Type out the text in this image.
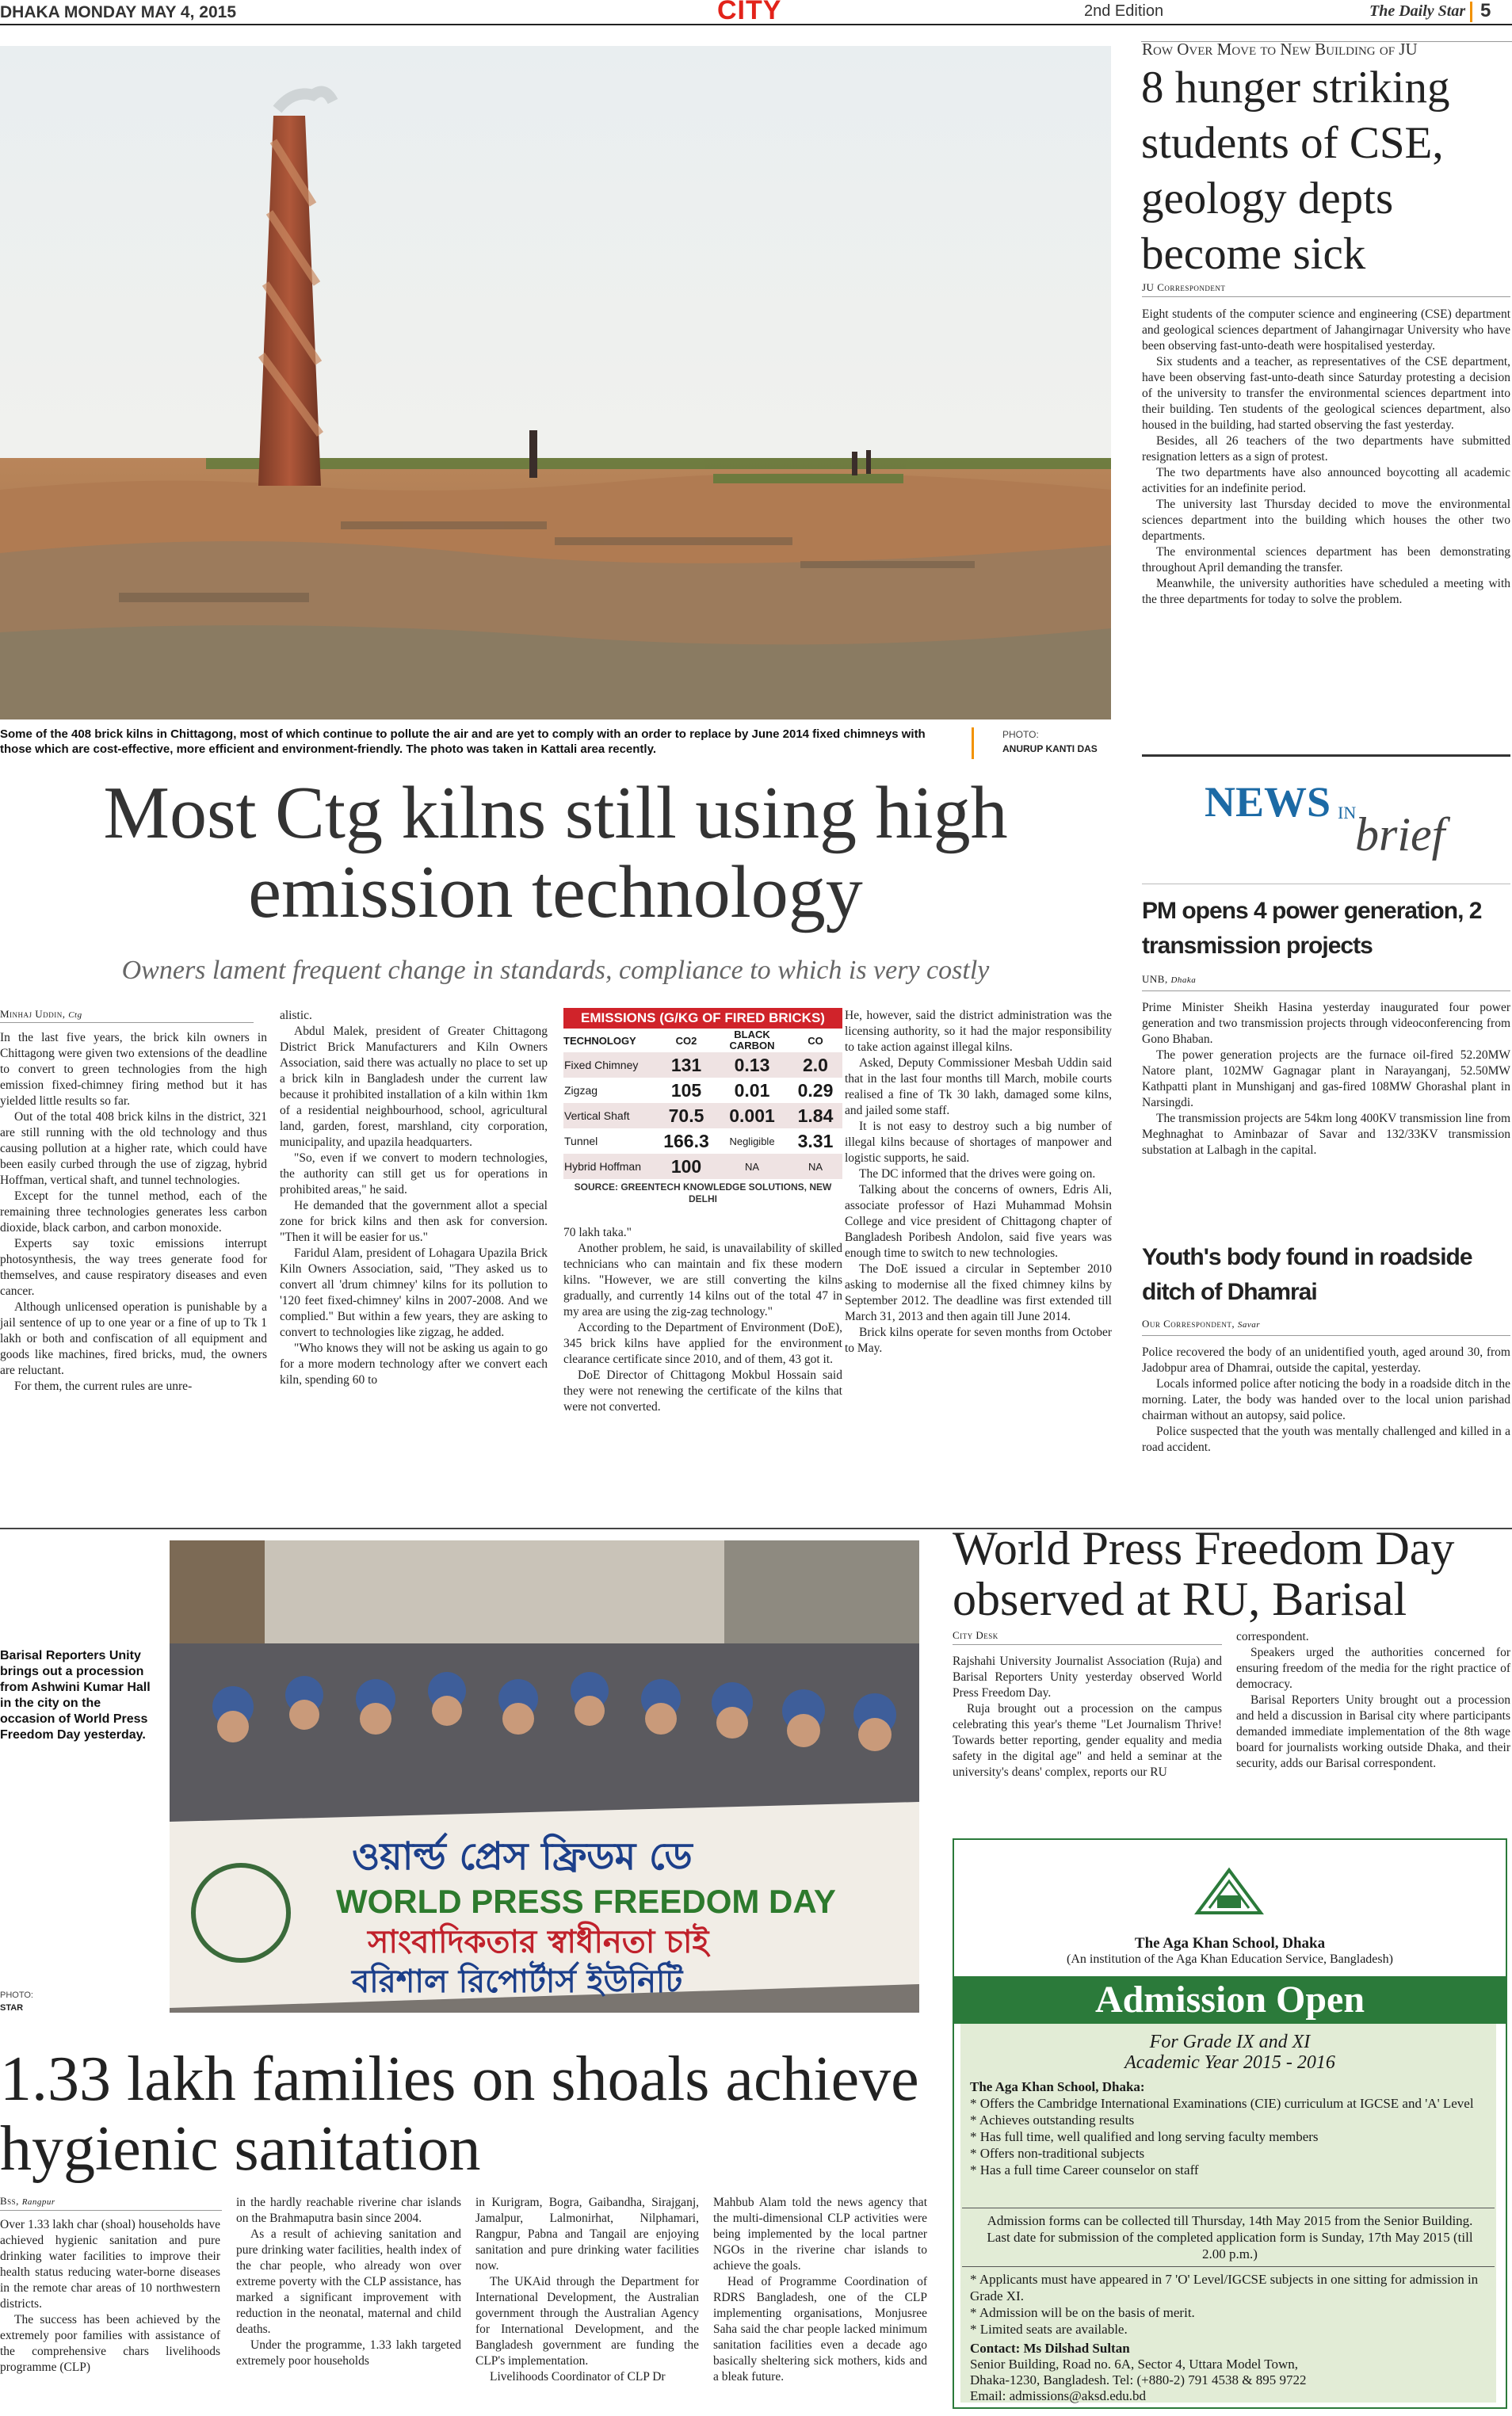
DHAKA MONDAY MAY 4, 2015	CITY	2nd Edition	The Daily Star 5
Some of the 408 brick kilns in Chittagong, most of which continue to pollute the air and are yet to comply with an order to replace by June 2014 fixed chimneys with those which are cost-effective, more efficient and environment-friendly. The photo was taken in Kattali area recently.
PHOTO:
ANURUP KANTI DAS
Most Ctg kilns still using high emission technology
Owners lament frequent change in standards, compliance to which is very costly
Minhaj Uddin, Ctg

In the last five years, the brick kiln owners in Chittagong were given two extensions of the deadline to convert to green technologies from the high emission fixed-chimney firing method but it has yielded little results so far.

Out of the total 408 brick kilns in the district, 321 are still running with the old technology and thus causing pollution at a higher rate, which could have been easily curbed through the use of zigzag, hybrid Hoffman, vertical shaft, and tunnel technologies.

Except for the tunnel method, each of the remaining three technologies generates less carbon dioxide, black carbon, and carbon monoxide.

Experts say toxic emissions interrupt photosynthesis, the way trees generate food for themselves, and cause respiratory diseases and even cancer.

Although unlicensed operation is punishable by a jail sentence of up to one year or a fine of up to Tk 1 lakh or both and confiscation of all equipment and goods like machines, fired bricks, mud, the owners are reluctant.

For them, the current rules are unre-

alistic.

Abdul Malek, president of Greater Chittagong District Brick Manufacturers and Kiln Owners Association, said there was actually no place to set up a brick kiln in Bangladesh under the current law because it prohibited installation of a kiln within 1km of a residential neighbourhood, school, agricultural land, garden, forest, marshland, city corporation, municipality, and upazila headquarters.

"So, even if we convert to modern technologies, the authority can still get us for operations in prohibited areas," he said.

He demanded that the government allot a special zone for brick kilns and then ask for conversion. "Then it will be easier for us."

Faridul Alam, president of Lohagara Upazila Brick Kiln Owners Association, said, "They asked us to convert all 'drum chimney' kilns for its pollution to '120 feet fixed-chimney' kilns in 2007-2008. And we complied." But within a few years, they are asking to convert to technologies like zigzag, he added.

"Who knows they will not be asking us again to go for a more modern technology after we convert each kiln, spending 60 to

EMISSIONS (G/KG OF FIRED BRICKS)
TECHNOLOGY	CO2	BLACK CARBON	CO
Fixed Chimney	131	0.13	2.0
Zigzag	105	0.01	0.29
Vertical Shaft	70.5	0.001	1.84
Tunnel	166.3	Negligible	3.31
Hybrid Hoffman	100	NA	NA
SOURCE: GREENTECH KNOWLEDGE SOLUTIONS, NEW DELHI

70 lakh taka."

Another problem, he said, is unavailability of skilled technicians who can maintain and fix these modern kilns. "However, we are still converting the kilns gradually, and currently 14 kilns out of the total 47 in my area are using the zig-zag technology."

According to the Department of Environment (DoE), 345 brick kilns have applied for the environment clearance certificate since 2010, and of them, 43 got it.

DoE Director of Chittagong Mokbul Hossain said they were not renewing the certificate of the kilns that were not converted.

He, however, said the district administration was the licensing authority, so it had the major responsibility to take action against illegal kilns.

Asked, Deputy Commissioner Mesbah Uddin said that in the last four months till March, mobile courts realised a fine of Tk 30 lakh, damaged some kilns, and jailed some staff.

It is not easy to destroy such a big number of illegal kilns because of shortages of manpower and logistic supports, he said.

The DC informed that the drives were going on.

Talking about the concerns of owners, Edris Ali, associate professor of Hazi Muhammad Mohsin College and vice president of Chittagong chapter of Bangladesh Poribesh Andolon, said five years was enough time to switch to new technologies.

The DoE issued a circular in September 2010 asking to modernise all the fixed chimney kilns by September 2012. The deadline was first extended till March 31, 2013 and then again till June 2014.

Brick kilns operate for seven months from October to May.

Row Over Move to New Building of JU
8 hunger striking students of CSE, geology depts become sick
JU Correspondent

Eight students of the computer science and engineering (CSE) department and geological sciences department of Jahangirnagar University who have been observing fast-unto-death were hospitalised yesterday.

Six students and a teacher, as representatives of the CSE department, have been observing fast-unto-death since Saturday protesting a decision of the university to transfer the environmental sciences department into their building. Ten students of the geological sciences department, also housed in the building, had started observing the fast yesterday.

Besides, all 26 teachers of the two departments have submitted resignation letters as a sign of protest.

The two departments have also announced boycotting all academic activities for an indefinite period.

The university last Thursday decided to move the environmental sciences department into the building which houses the other two departments.

The environmental sciences department has been demonstrating throughout April demanding the transfer.

Meanwhile, the university authorities have scheduled a meeting with the three departments for today to solve the problem.

NEWS IN
brief
PM opens 4 power generation, 2 transmission projects
UNB, Dhaka

Prime Minister Sheikh Hasina yesterday inaugurated four power generation and two transmission projects through videoconferencing from Gono Bhaban.

The power generation projects are the furnace oil-fired 52.20MW Natore plant, 102MW Gagnagar plant in Narayanganj, 52.50MW Kathpatti plant in Munshiganj and gas-fired 108MW Ghorashal plant in Narsingdi.

The transmission projects are 54km long 400KV transmission line from Meghnaghat to Aminbazar of Savar and 132/33KV transmission substation at Lalbagh in the capital.

Youth's body found in roadside ditch of Dhamrai
Our Correspondent, Savar

Police recovered the body of an unidentified youth, aged around 30, from Jadobpur area of Dhamrai, outside the capital, yesterday.

Locals informed police after noticing the body in a roadside ditch in the morning. Later, the body was handed over to the local union parishad chairman without an autopsy, said police.

Police suspected that the youth was mentally challenged and killed in a road accident.

Barisal Reporters Unity brings out a procession from Ashwini Kumar Hall in the city on the occasion of World Press Freedom Day yesterday.
PHOTO:
STAR
ওয়ার্ল্ড প্রেস ফ্রিডম ডে
WORLD PRESS FREEDOM DAY
সাংবাদিকতার স্বাধীনতা চাই
বরিশাল রিপোর্টার্স ইউনিটি
World Press Freedom Day observed at RU, Barisal
City Desk

Rajshahi University Journalist Association (Ruja) and Barisal Reporters Unity yesterday observed World Press Freedom Day.

Ruja brought out a procession on the campus celebrating this year's theme "Let Journalism Thrive! Towards better reporting, gender equality and media safety in the digital age" and held a seminar at the university's deans' complex, reports our RU

correspondent.

Speakers urged the authorities concerned for ensuring freedom of the media for the right practice of democracy.

Barisal Reporters Unity brought out a procession and held a discussion in Barisal city where participants demanded immediate implementation of the 8th wage board for journalists working outside Dhaka, and their security, adds our Barisal correspondent.

The Aga Khan School, Dhaka
(An institution of the Aga Khan Education Service, Bangladesh)
Admission Open
For Grade IX and XI
Academic Year 2015 - 2016
The Aga Khan School, Dhaka:
* Offers the Cambridge International Examinations (CIE) curriculum at IGCSE and 'A' Level
* Achieves outstanding results
* Has full time, well qualified and long serving faculty members
* Offers non-traditional subjects
* Has a full time Career counselor on staff
Admission forms can be collected till Thursday, 14th May 2015 from the Senior Building. Last date for submission of the completed application form is Sunday, 17th May 2015 (till 2.00 p.m.)
* Applicants must have appeared in 7 'O' Level/IGCSE subjects in one sitting for admission in Grade XI.
* Admission will be on the basis of merit.
* Limited seats are available.
Contact: Ms Dilshad Sultan
Senior Building, Road no. 6A, Sector 4, Uttara Model Town,
Dhaka-1230, Bangladesh. Tel: (+880-2) 791 4538 & 895 9722
Email: admissions@aksd.edu.bd
1.33 lakh families on shoals achieve hygienic sanitation
Bss, Rangpur

Over 1.33 lakh char (shoal) households have achieved hygienic sanitation and pure drinking water facilities to improve their health status reducing water-borne diseases in the remote char areas of 10 northwestern districts.

The success has been achieved by the extremely poor families with assistance of the comprehensive chars livelihoods programme (CLP)

in the hardly reachable riverine char islands on the Brahmaputra basin since 2004.

As a result of achieving sanitation and pure drinking water facilities, health index of the char people, who already won over extreme poverty with the CLP assistance, has marked a significant improvement with reduction in the neonatal, maternal and child deaths.

Under the programme, 1.33 lakh targeted extremely poor households

in Kurigram, Bogra, Gaibandha, Sirajganj, Jamalpur, Lalmonirhat, Nilphamari, Rangpur, Pabna and Tangail are enjoying sanitation and pure drinking water facilities now.

The UKAid through the Department for International Development, the Australian government through the Australian Agency for International Development, and the Bangladesh government are funding the CLP's implementation.

Livelihoods Coordinator of CLP Dr

Mahbub Alam told the news agency that the multi-dimensional CLP activities were being implemented by the local partner NGOs in the riverine char islands to achieve the goals.

Head of Programme Coordination of RDRS Bangladesh, one of the CLP implementing organisations, Monjusree Saha said the char people lacked minimum sanitation facilities even a decade ago basically sheltering sick mothers, kids and a bleak future.
